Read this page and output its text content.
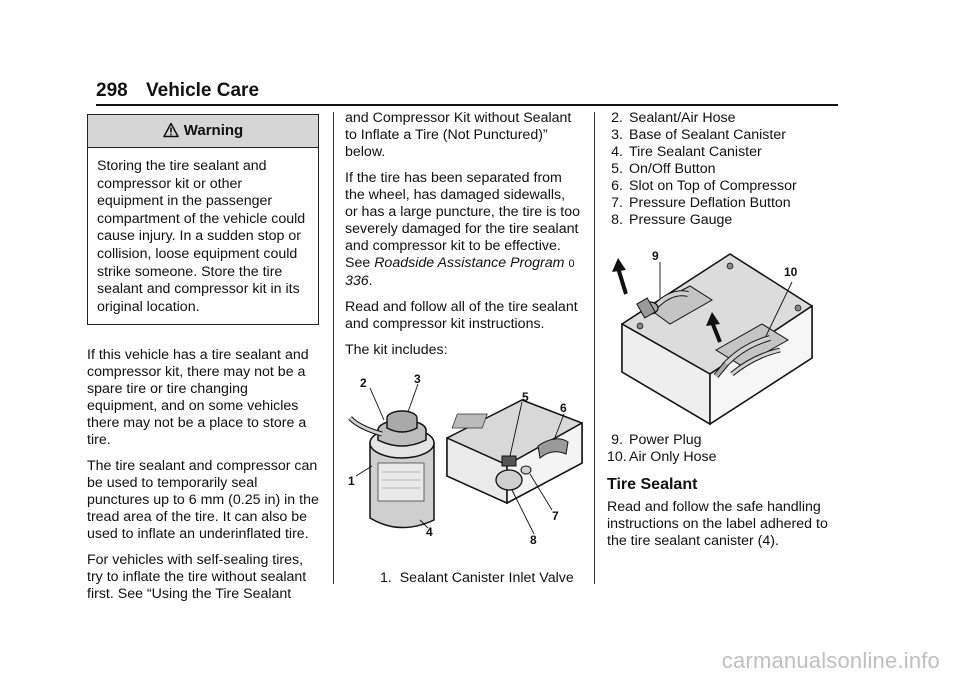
298 Vehicle Care
Warning
Storing the tire sealant and compressor kit or other equipment in the passenger compartment of the vehicle could cause injury. In a sudden stop or collision, loose equipment could strike someone. Store the tire sealant and compressor kit in its original location.

If this vehicle has a tire sealant and compressor kit, there may not be a spare tire or tire changing equipment, and on some vehicles there may not be a place to store a tire.

The tire sealant and compressor can be used to temporarily seal punctures up to 6 mm (0.25 in) in the tread area of the tire. It can also be used to inflate an underinflated tire.

For vehicles with self-sealing tires, try to inflate the tire without sealant first. See “Using the Tire Sealant

and Compressor Kit without Sealant to Inflate a Tire (Not Punctured)” below.

If the tire has been separated from the wheel, has damaged sidewalls, or has a large puncture, the tire is too severely damaged for the tire sealant and compressor kit to be effective. See Roadside Assistance Program 0 336.

Read and follow all of the tire sealant and compressor kit instructions.

The kit includes:

1
2	3
4
5
6
7
8
1.  Sealant Canister Inlet Valve
2. Sealant/Air Hose
3. Base of Sealant Canister
4. Tire Sealant Canister
5. On/Off Button
6. Slot on Top of Compressor
7. Pressure Deflation Button
8. Pressure Gauge
9
10
9. Power Plug
10. Air Only Hose
Tire Sealant

Read and follow the safe handling instructions on the label adhered to the tire sealant canister (4).

carmanualsonline.info
